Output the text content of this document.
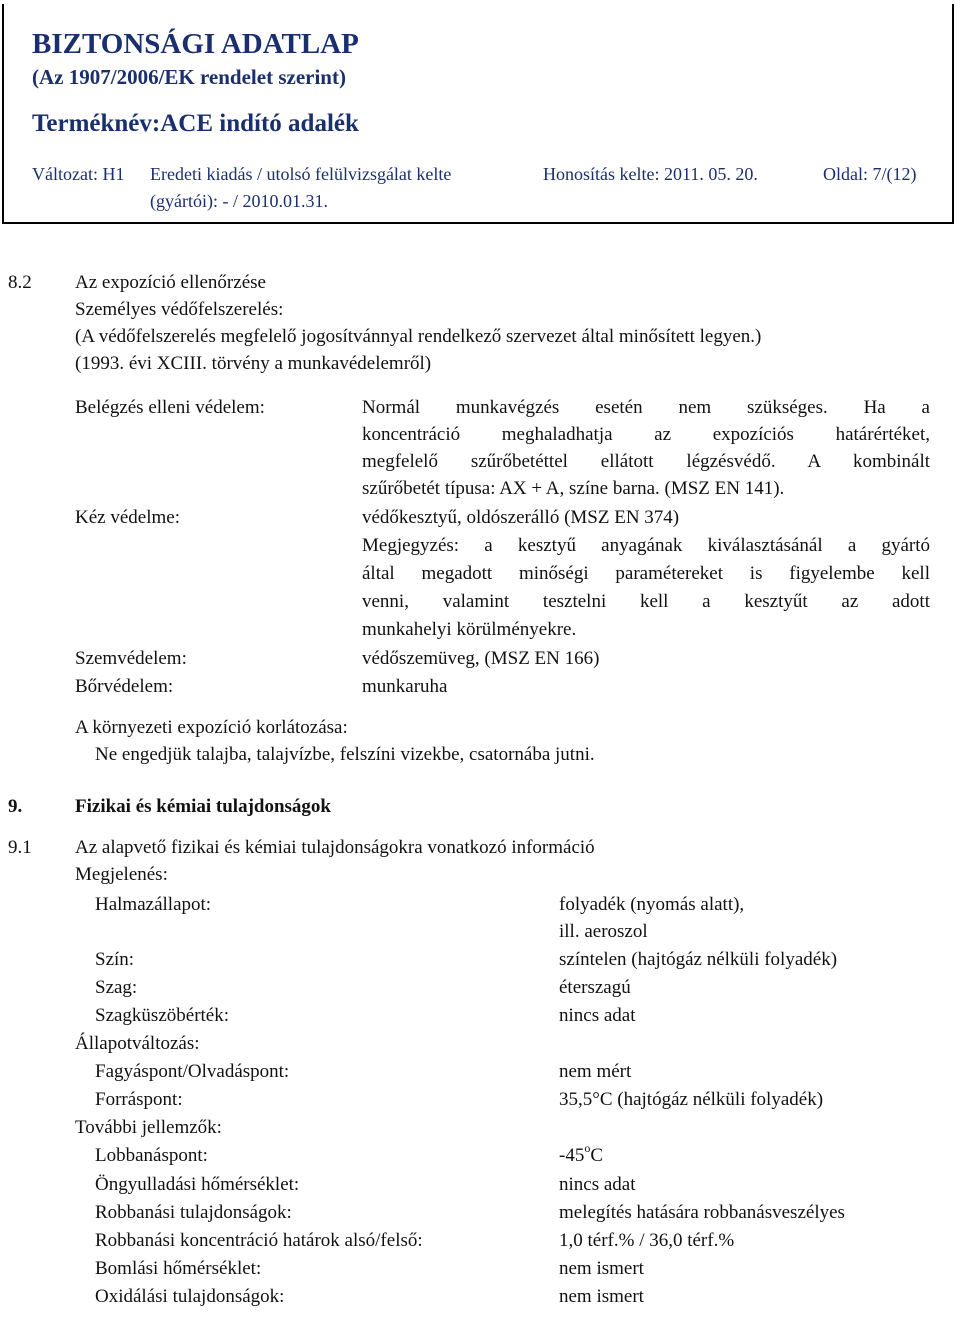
BIZTONSÁGI ADATLAP
(Az 1907/2006/EK rendelet szerint)
Terméknév:ACE indító adalék
Változat: H1 Eredeti kiadás / utolsó felülvizsgálat kelte
(gyártói): - / 2010.01.31.
Honosítás kelte: 2011. 05. 20.	Oldal: 7/(12)
8.2 Az expozíció ellenőrzése
Személyes védőfelszerelés:
(A védőfelszerelés megfelelő jogosítvánnyal rendelkező szervezet által minősített legyen.)
(1993. évi XCIII. törvény a munkavédelemről)
Belégzés elleni védelem:	Normál munkavégzés esetén nem szükséges. Ha a
koncentráció meghaladhatja az expozíciós határértéket,
megfelelő szűrőbetéttel ellátott légzésvédő. A kombinált
szűrőbetét típusa: AX + A, színe barna. (MSZ EN 141).
Kéz védelme:	védőkesztyű, oldószerálló (MSZ EN 374)
Megjegyzés: a kesztyű anyagának kiválasztásánál a gyártó
által megadott minőségi paramétereket is figyelembe kell
venni, valamint tesztelni kell a kesztyűt az adott
munkahelyi körülményekre.
Szemvédelem:	védőszemüveg, (MSZ EN 166)
Bőrvédelem:	munkaruha
A környezeti expozíció korlátozása:
Ne engedjük talajba, talajvízbe, felszíni vizekbe, csatornába jutni.
9.	Fizikai és kémiai tulajdonságok
9.1 Az alapvető fizikai és kémiai tulajdonságokra vonatkozó információ
Megjelenés:
Halmazállapot:	folyadék (nyomás alatt),
ill. aeroszol
Szín:	színtelen (hajtógáz nélküli folyadék)
Szag:	éterszagú
Szagküszöbérték:	nincs adat
Állapotváltozás:
Fagyáspont/Olvadáspont:	nem mért
Forráspont:	35,5°C (hajtógáz nélküli folyadék)
További jellemzők:
Lobbanáspont:	-45$^o$C
Öngyulladási hőmérséklet:	nincs adat
Robbanási tulajdonságok:	melegítés hatására robbanásveszélyes
Robbanási koncentráció határok alsó/felső:	1,0 térf.% / 36,0 térf.%
Bomlási hőmérséklet:	nem ismert
Oxidálási tulajdonságok:	nem ismert
